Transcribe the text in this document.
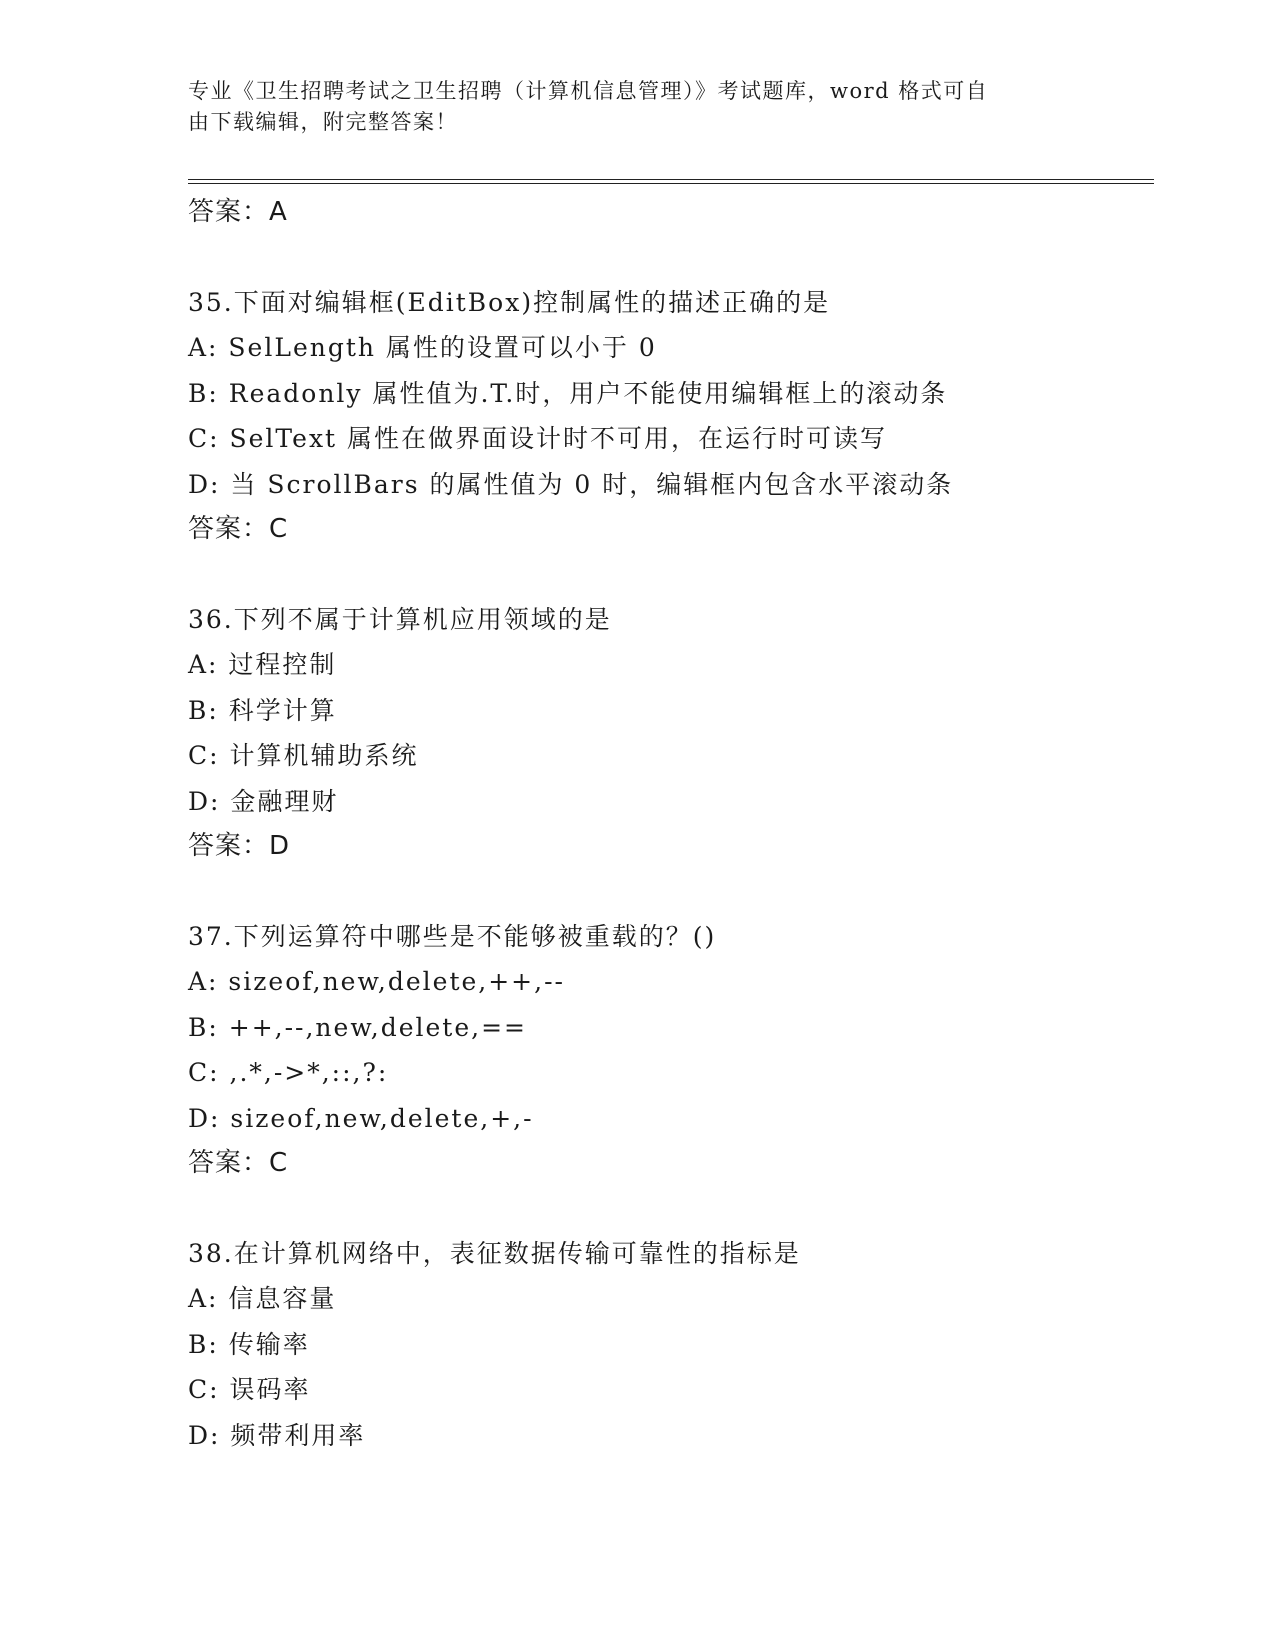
专业《卫生招聘考试之卫生招聘（计算机信息管理）》考试题库，word 格式可自
由下载编辑，附完整答案！
答案：A
35.下面对编辑框(EditBox)控制属性的描述正确的是
A: SelLength 属性的设置可以小于 0
B: Readonly 属性值为.T.时，用户不能使用编辑框上的滚动条
C: SelText 属性在做界面设计时不可用，在运行时可读写
D: 当 ScrollBars 的属性值为 0 时，编辑框内包含水平滚动条
答案：C
36.下列不属于计算机应用领域的是
A: 过程控制
B: 科学计算
C: 计算机辅助系统
D: 金融理财
答案：D
37.下列运算符中哪些是不能够被重载的？()
A: sizeof,new,delete,++,--
B: ++,--,new,delete,==
C: ,.*,->*,::,?:
D: sizeof,new,delete,+,-
答案：C
38.在计算机网络中，表征数据传输可靠性的指标是
A: 信息容量
B: 传输率
C: 误码率
D: 频带利用率
